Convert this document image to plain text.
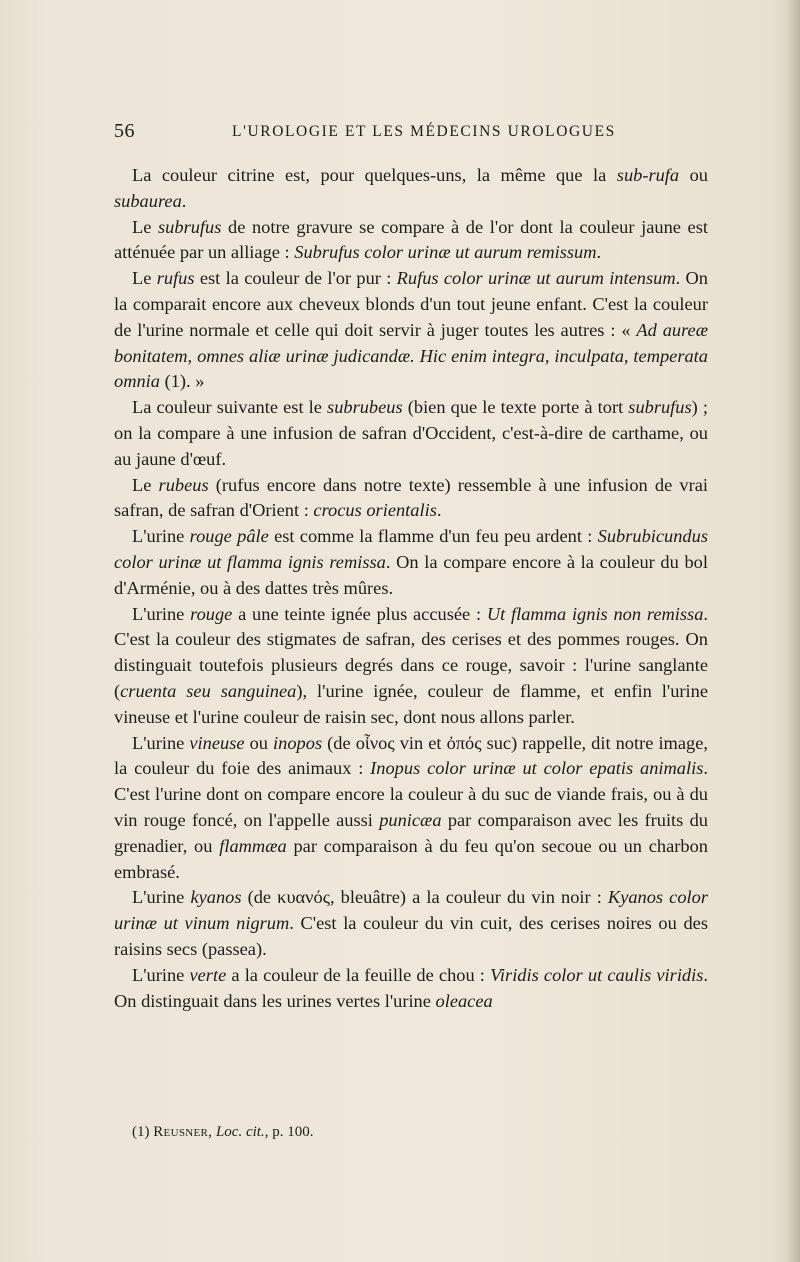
56	L'UROLOGIE ET LES MÉDECINS UROLOGUES

La couleur citrine est, pour quelques-uns, la même que la sub-rufa ou subaurea.

Le subrufus de notre gravure se compare à de l'or dont la couleur jaune est atténuée par un alliage : Subrufus color urinæ ut aurum remissum.

Le rufus est la couleur de l'or pur : Rufus color urinæ ut aurum intensum. On la comparait encore aux cheveux blonds d'un tout jeune enfant. C'est la couleur de l'urine normale et celle qui doit servir à juger toutes les autres : « Ad aureæ bonitatem, omnes aliæ urinæ judicandæ. Hic enim integra, inculpata, temperata omnia (1). »

La couleur suivante est le subrubeus (bien que le texte porte à tort subrufus) ; on la compare à une infusion de safran d'Occident, c'est-à-dire de carthame, ou au jaune d'œuf.

Le rubeus (rufus encore dans notre texte) ressemble à une infusion de vrai safran, de safran d'Orient : crocus orientalis.

L'urine rouge pâle est comme la flamme d'un feu peu ardent : Subrubicundus color urinæ ut flamma ignis remissa. On la compare encore à la couleur du bol d'Arménie, ou à des dattes très mûres.

L'urine rouge a une teinte ignée plus accusée : Ut flamma ignis non remissa. C'est la couleur des stigmates de safran, des cerises et des pommes rouges. On distinguait toutefois plusieurs degrés dans ce rouge, savoir : l'urine sanglante (cruenta seu sanguinea), l'urine ignée, couleur de flamme, et enfin l'urine vineuse et l'urine couleur de raisin sec, dont nous allons parler.

L'urine vineuse ou inopos (de οἶνος vin et ὀπός suc) rappelle, dit notre image, la couleur du foie des animaux : Inopus color urinæ ut color epatis animalis. C'est l'urine dont on compare encore la couleur à du suc de viande frais, ou à du vin rouge foncé, on l'appelle aussi punicæa par comparaison avec les fruits du grenadier, ou flammæa par comparaison à du feu qu'on secoue ou un charbon embrasé.

L'urine kyanos (de κυανός, bleuâtre) a la couleur du vin noir : Kyanos color urinæ ut vinum nigrum. C'est la couleur du vin cuit, des cerises noires ou des raisins secs (passea).

L'urine verte a la couleur de la feuille de chou : Viridis color ut caulis viridis. On distinguait dans les urines vertes l'urine oleacea

(1) Reusner, Loc. cit., p. 100.
